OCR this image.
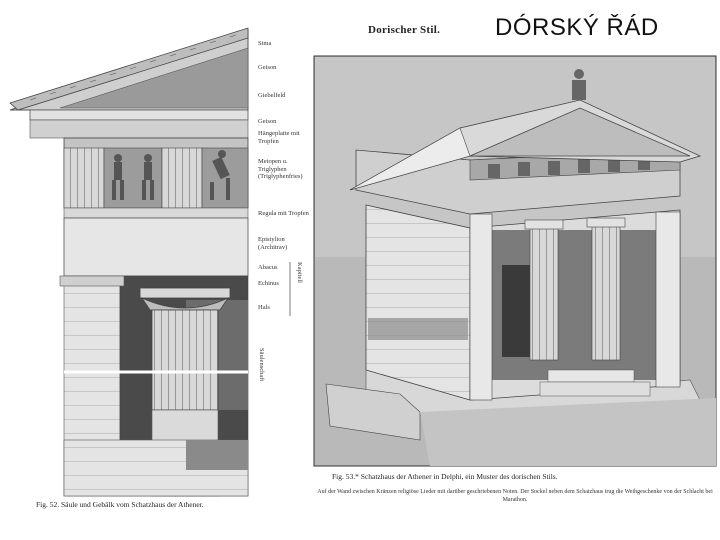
DÓRSKÝ ŘÁD
Dorischer Stil.
Sima
Geison
Giebelfeld
Geison
Hängeplatte mit Tropfen
Metopen u. Triglyphen (Triglyphenfries)
Regula mit Tropfen
Epistylion (Architrav)
Abacus
Echinus
Hals
Kapitell
Säulenschaft
Fig. 52. Säule und Gebälk vom Schatzhaus der Athener.
Fig. 53.* Schatzhaus der Athener in Delphi, ein Muster des dorischen Stils.
Auf der Wand zwischen Kränzen religiöse Lieder mit darüber geschriebenen Noten. Der Sockel neben dem Schatzhaus trug die Weihgeschenke von der Schlacht bei Marathon.
